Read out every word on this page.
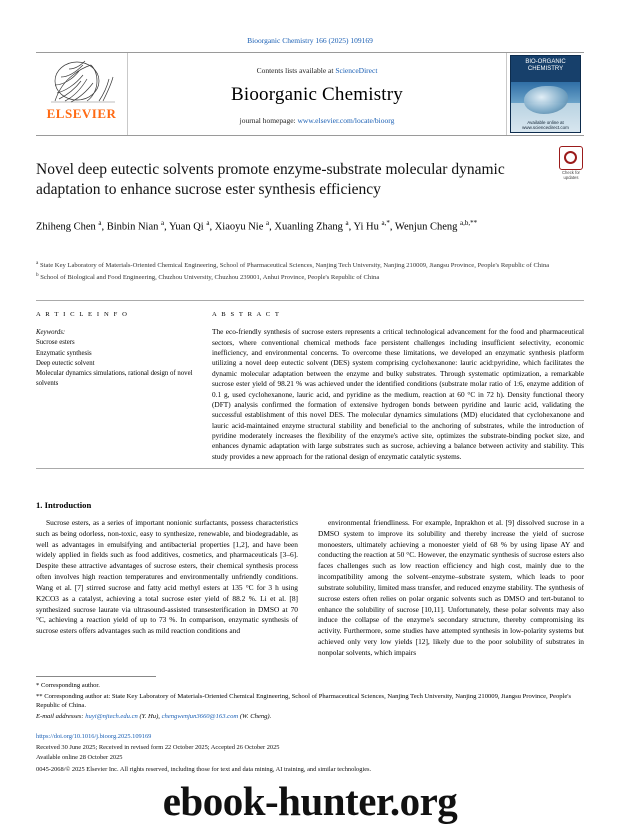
Bioorganic Chemistry 166 (2025) 109169
ELSEVIER
Contents lists available at ScienceDirect
Bioorganic Chemistry
journal homepage: www.elsevier.com/locate/bioorg
BIO-ORGANIC CHEMISTRY
Available online at www.sciencedirect.com
Check for updates
Novel deep eutectic solvents promote enzyme-substrate molecular dynamic adaptation to enhance sucrose ester synthesis efficiency
Zhiheng Chen $^a$, Binbin Nian $^a$, Yuan Qi $^a$, Xiaoyu Nie $^a$, Xuanling Zhang $^a$, Yi Hu $^{a,*}$, Wenjun Cheng $^{a,b,**}$
$^a$ State Key Laboratory of Materials-Oriented Chemical Engineering, School of Pharmaceutical Sciences, Nanjing Tech University, Nanjing 210009, Jiangsu Province, People's Republic of China
$^b$ School of Biological and Food Engineering, Chuzhou University, Chuzhou 239001, Anhui Province, People's Republic of China
A R T I C L E I N F O
Keywords:
Sucrose esters
Enzymatic synthesis
Deep eutectic solvent
Molecular dynamics simulations, rational design of novel solvents
A B S T R A C T
The eco-friendly synthesis of sucrose esters represents a critical technological advancement for the food and pharmaceutical sectors, where conventional chemical methods face persistent challenges including insufficient selectivity, economic inefficiency, and environmental concerns. To overcome these limitations, we developed an enzymatic synthesis platform utilizing a novel deep eutectic solvent (DES) system comprising cyclohexanone: lauric acid:pyridine, which facilitates the dynamic molecular adaptation between the enzyme and bulky substrates. Through systematic optimization, a remarkable sucrose ester yield of 98.21 % was achieved under the identified conditions (substrate molar ratio of 1:6, enzyme addition of 0.1 g, used cyclohexanone, lauric acid, and pyridine as the medium, reaction at 60 °C in 72 h). Density functional theory (DFT) analysis confirmed the formation of extensive hydrogen bonds between pyridine and lauric acid, validating the successful establishment of this novel DES. The molecular dynamics simulations (MD) elucidated that cyclohexanone and lauric acid-maintained enzyme structural stability and beneficial to the anchoring of substrates, while the introduction of pyridine moderately increases the flexibility of the enzyme's active site, optimizes the substrate-binding pocket size, and enhances dynamic adaptation with large substrates such as sucrose, achieving a balance between activity and stability. This study provides a new approach for the rational design of enzymatic catalytic systems.
1. Introduction

Sucrose esters, as a series of important nonionic surfactants, possess characteristics such as being odorless, non-toxic, easy to synthesize, renewable, and biodegradable, as well as advantages in emulsifying and antibacterial properties [1,2], and have been widely applied in fields such as food additives, cosmetics, and pharmaceuticals [3–6]. Despite these attractive advantages of sucrose esters, their chemical synthesis process often involves high reaction temperatures and environmentally unfriendly conditions. Wang et al. [7] stirred sucrose and fatty acid methyl esters at 135 °C for 3 h using K2CO3 as a catalyst, achieving a total sucrose ester yield of 88.2 %. Li et al. [8] synthesized sucrose laurate via ultrasound-assisted transesterification in DMSO at 70 °C, achieving a reaction yield of up to 73 %. In comparison, enzymatic synthesis of sucrose esters offers advantages such as mild reaction conditions and

environmental friendliness. For example, Inprakhon et al. [9] dissolved sucrose in a DMSO system to improve its solubility and thereby increase the yield of sucrose monoesters, ultimately achieving a monoester yield of 68 % by using lipase AY and conducting the reaction at 50 °C. However, the enzymatic synthesis of sucrose esters also faces challenges such as low reaction efficiency and high cost, mainly due to the incompatibility among the solvent–enzyme–substrate system, which leads to poor substrate solubility, limited mass transfer, and reduced enzyme stability. The synthesis of sucrose esters often relies on polar organic solvents such as DMSO and tert-butanol to enhance the solubility of sucrose [10,11]. Unfortunately, these polar solvents may also induce the collapse of the enzyme's secondary structure, thereby compromising its activity. Furthermore, some studies have attempted synthesis in low-polarity systems but achieved only very low yields [12], likely due to the poor solubility of substrates in nonpolar solvents, which impairs

* Corresponding author.
** Corresponding author at: State Key Laboratory of Materials-Oriented Chemical Engineering, School of Pharmaceutical Sciences, Nanjing Tech University, Nanjing 210009, Jiangsu Province, People's Republic of China.
E-mail addresses: huyi@njtech.edu.cn (Y. Hu), chengwenjun3660@163.com (W. Cheng).
https://doi.org/10.1016/j.bioorg.2025.109169
Received 30 June 2025; Received in revised form 22 October 2025; Accepted 26 October 2025
Available online 28 October 2025
0045-2068/© 2025 Elsevier Inc. All rights reserved, including those for text and data mining, AI training, and similar technologies.
ebook-hunter.org
